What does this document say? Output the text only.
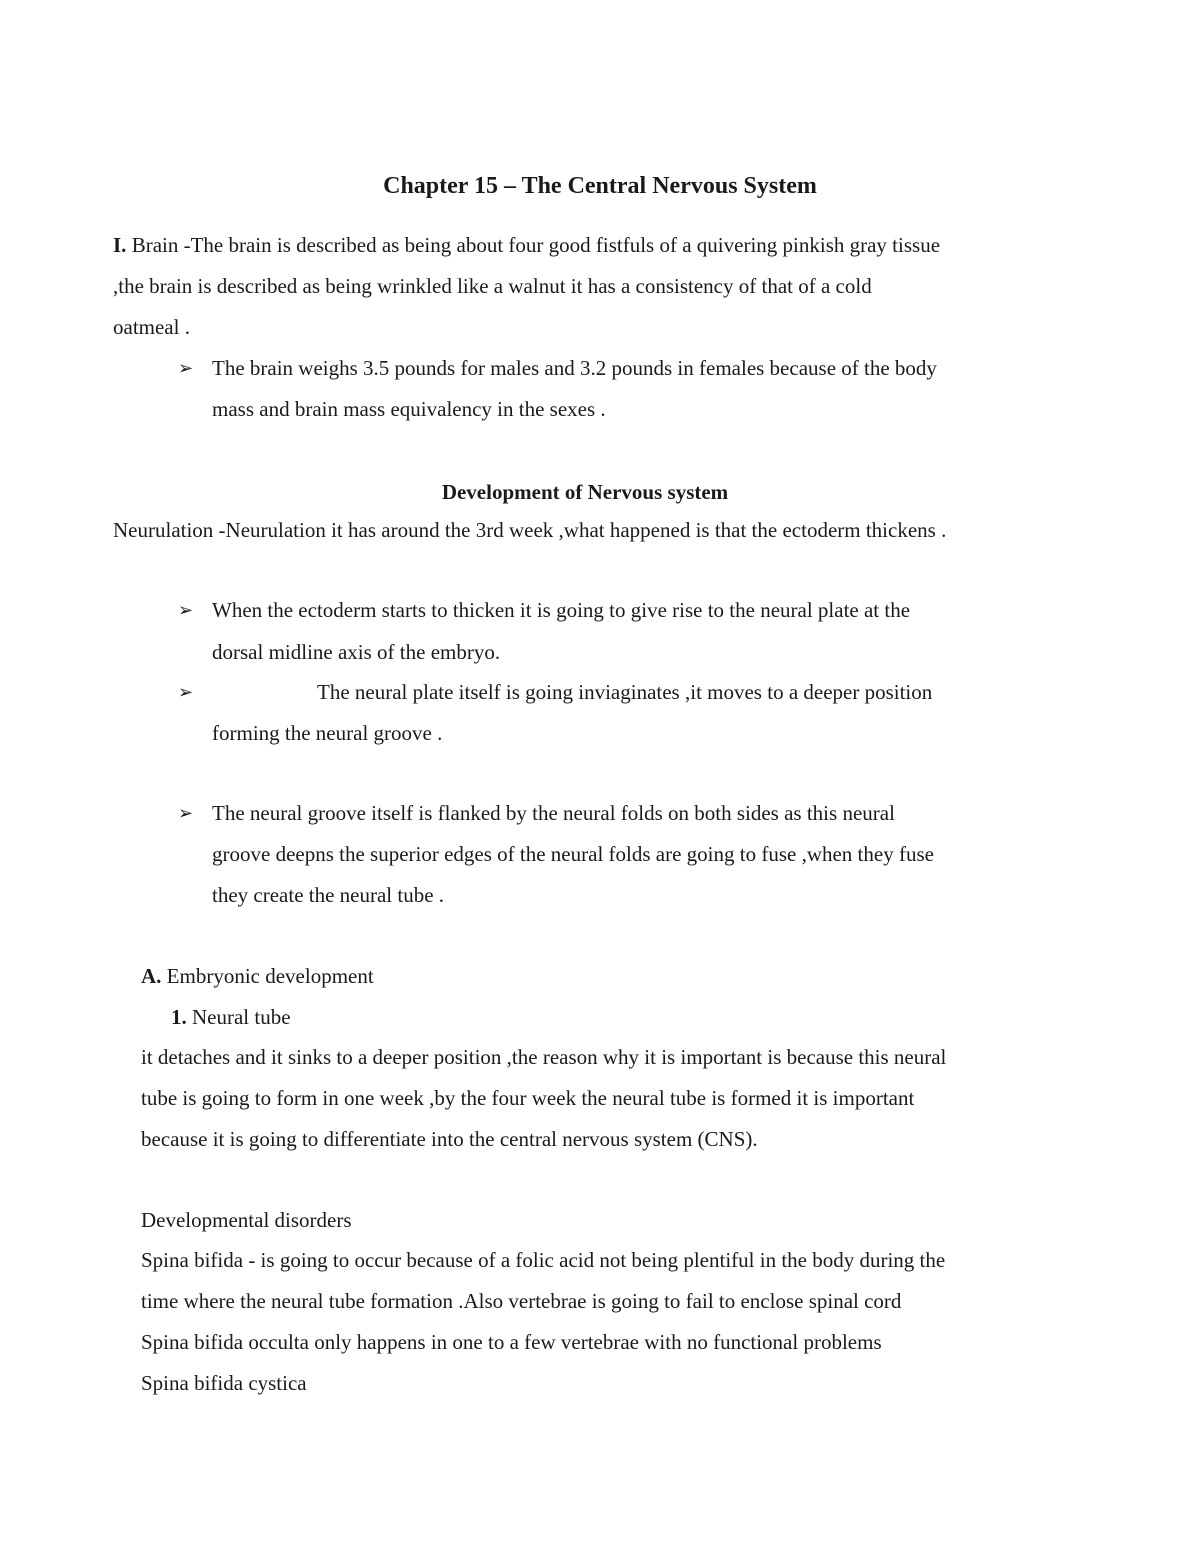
Chapter 15 – The Central Nervous System
I. Brain -The brain is described as being about four good fistfuls of a quivering pinkish gray tissue
,the brain is described as being wrinkled like a walnut it has a consistency of that of a cold
oatmeal .
➢ The brain weighs 3.5 pounds for males and 3.2 pounds in females because of the body
mass and brain mass equivalency in the sexes .
Development of Nervous system
Neurulation -Neurulation it has around the 3rd week ,what happened is that the ectoderm thickens .
➢ When the ectoderm starts to thicken it is going to give rise to the neural plate at the
dorsal midline axis of the embryo.
➢	The neural plate itself is going inviaginates ,it moves to a deeper position
forming the neural groove .
➢ The neural groove itself is flanked by the neural folds on both sides as this neural
groove deepns the superior edges of the neural folds are going to fuse ,when they fuse
they create the neural tube .
A. Embryonic development
1. Neural tube
it detaches and it sinks to a deeper position ,the reason why it is important is because this neural
tube is going to form in one week ,by the four week the neural tube is formed it is important
because it is going to differentiate into the central nervous system (CNS).
Developmental disorders
Spina bifida - is going to occur because of a folic acid not being plentiful in the body during the
time where the neural tube formation .Also vertebrae is going to fail to enclose spinal cord
Spina bifida occulta only happens in one to a few vertebrae with no functional problems
Spina bifida cystica
